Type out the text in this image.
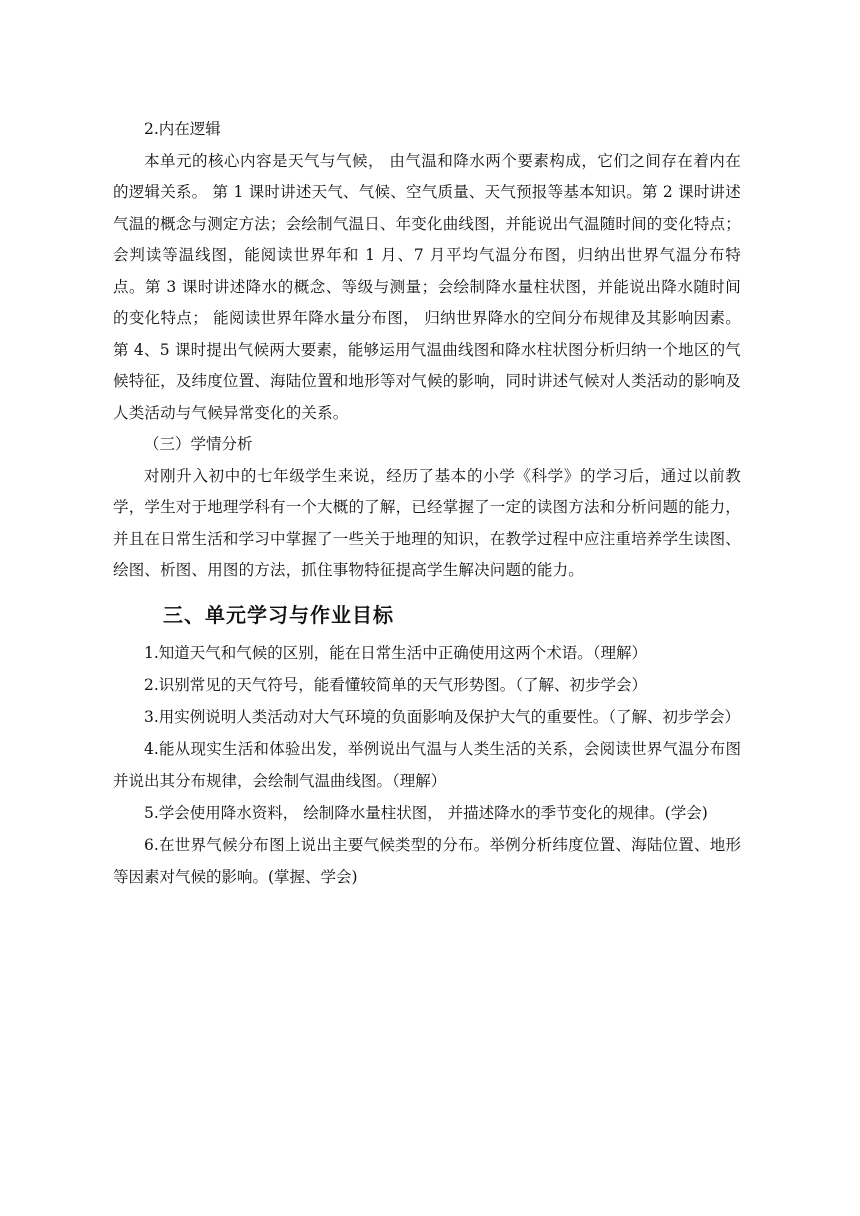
2.内在逻辑

本单元的核心内容是天气与气候， 由气温和降水两个要素构成，它们之间存在着内在的逻辑关系。 第 1 课时讲述天气、气候、空气质量、天气预报等基本知识。第 2 课时讲述气温的概念与测定方法；会绘制气温日、年变化曲线图，并能说出气温随时间的变化特点；会判读等温线图，能阅读世界年和 1 月、7 月平均气温分布图，归纳出世界气温分布特点。第 3 课时讲述降水的概念、等级与测量；会绘制降水量柱状图，并能说出降水随时间的变化特点； 能阅读世界年降水量分布图， 归纳世界降水的空间分布规律及其影响因素。第 4、5 课时提出气候两大要素，能够运用气温曲线图和降水柱状图分析归纳一个地区的气候特征，及纬度位置、海陆位置和地形等对气候的影响，同时讲述气候对人类活动的影响及人类活动与气候异常变化的关系。

（三）学情分析

对刚升入初中的七年级学生来说，经历了基本的小学《科学》的学习后，通过以前教学，学生对于地理学科有一个大概的了解，已经掌握了一定的读图方法和分析问题的能力，并且在日常生活和学习中掌握了一些关于地理的知识，在教学过程中应注重培养学生读图、绘图、析图、用图的方法，抓住事物特征提高学生解决问题的能力。

三、单元学习与作业目标

1.知道天气和气候的区别，能在日常生活中正确使用这两个术语。（理解）

2.识别常见的天气符号，能看懂较简单的天气形势图。（了解、初步学会）

3.用实例说明人类活动对大气环境的负面影响及保护大气的重要性。（了解、初步学会）

4.能从现实生活和体验出发，举例说出气温与人类生活的关系，会阅读世界气温分布图并说出其分布规律，会绘制气温曲线图。（理解）

5.学会使用降水资料， 绘制降水量柱状图， 并描述降水的季节变化的规律。(学会)

6.在世界气候分布图上说出主要气候类型的分布。举例分析纬度位置、海陆位置、地形等因素对气候的影响。(掌握、学会)
